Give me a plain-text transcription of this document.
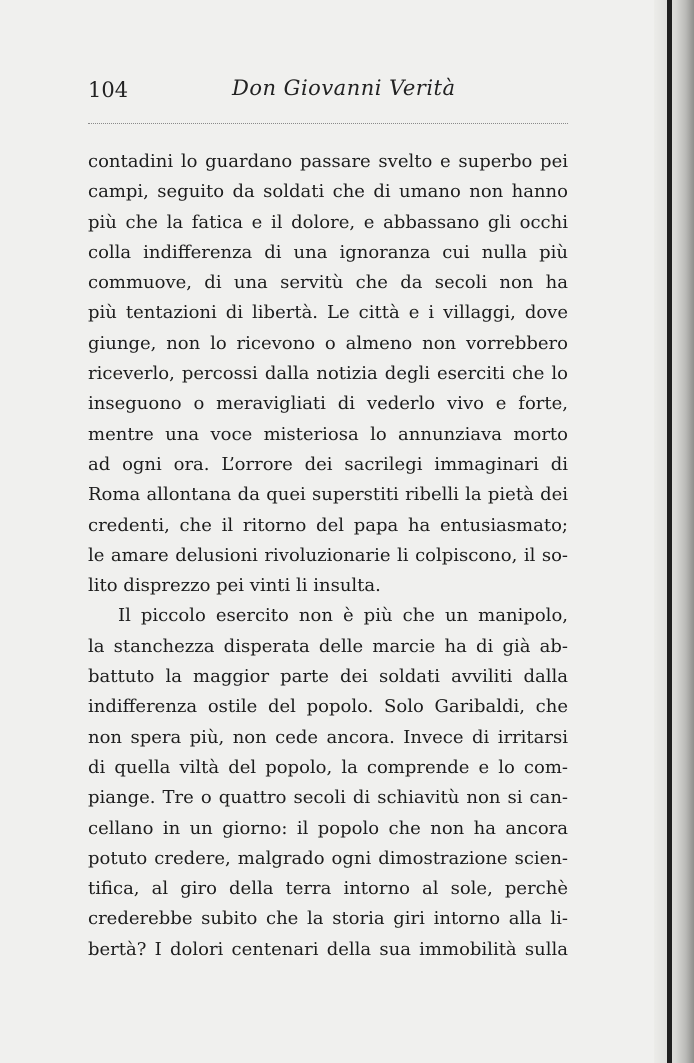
104	Don Giovanni Verità
contadini lo guardano passare svelto e superbo pei
campi, seguito da soldati che di umano non hanno
più che la fatica e il dolore, e abbassano gli occhi
colla indifferenza di una ignoranza cui nulla più
commuove, di una servitù che da secoli non ha
più tentazioni di libertà. Le città e i villaggi, dove
giunge, non lo ricevono o almeno non vorrebbero
riceverlo, percossi dalla notizia degli eserciti che lo
inseguono o meravigliati di vederlo vivo e forte,
mentre una voce misteriosa lo annunziava morto
ad ogni ora. L’orrore dei sacrilegi immaginari di
Roma allontana da quei superstiti ribelli la pietà dei
credenti, che il ritorno del papa ha entusiasmato;
le amare delusioni rivoluzionarie li colpiscono, il so-
lito disprezzo pei vinti li insulta.
Il piccolo esercito non è più che un manipolo,
la stanchezza disperata delle marcie ha di già ab-
battuto la maggior parte dei soldati avviliti dalla
indifferenza ostile del popolo. Solo Garibaldi, che
non spera più, non cede ancora. Invece di irritarsi
di quella viltà del popolo, la comprende e lo com-
piange. Tre o quattro secoli di schiavitù non si can-
cellano in un giorno: il popolo che non ha ancora
potuto credere, malgrado ogni dimostrazione scien-
tifica, al giro della terra intorno al sole, perchè
crederebbe subito che la storia giri intorno alla li-
bertà? I dolori centenari della sua immobilità sulla
